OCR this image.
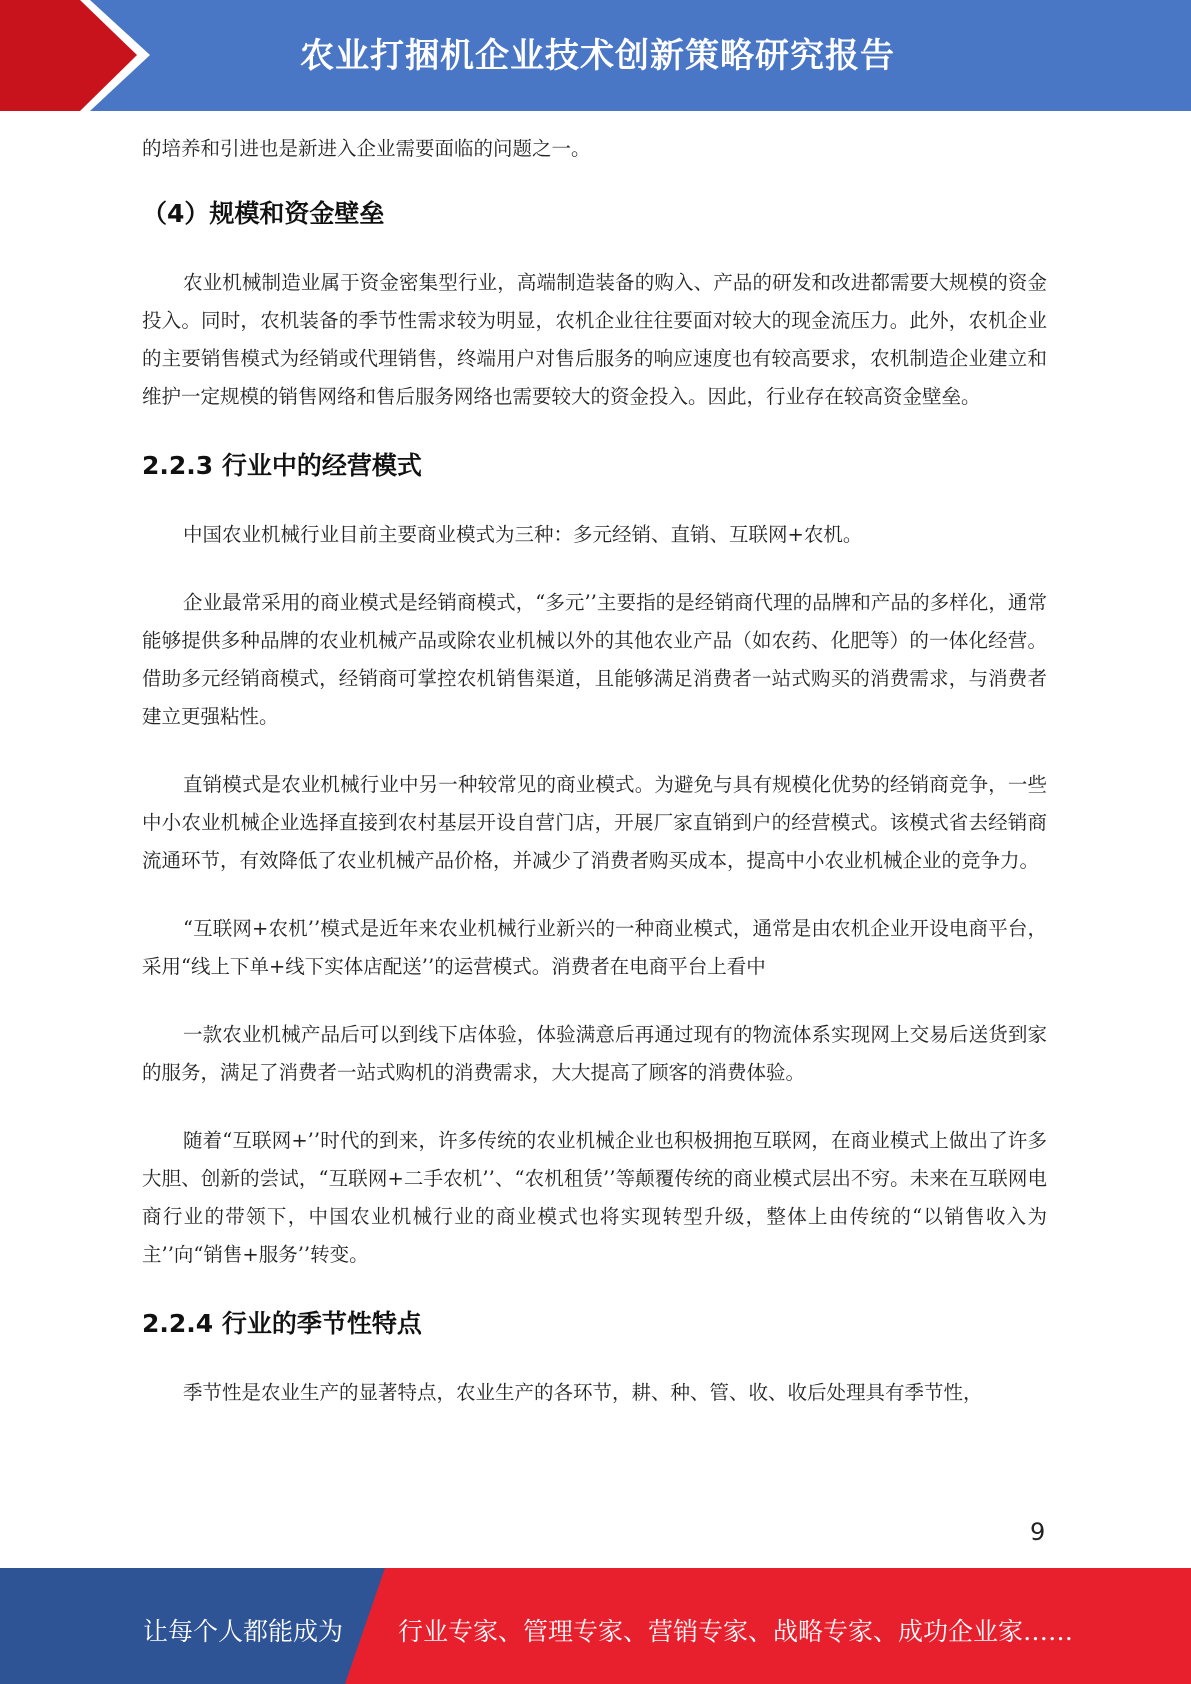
农业打捆机企业技术创新策略研究报告

的培养和引进也是新进入企业需要面临的问题之一。

（4）规模和资金壁垒

农业机械制造业属于资金密集型行业，高端制造装备的购入、产品的研发和改进都需要大规模的资金投入。同时，农机装备的季节性需求较为明显，农机企业往往要面对较大的现金流压力。此外，农机企业的主要销售模式为经销或代理销售，终端用户对售后服务的响应速度也有较高要求，农机制造企业建立和维护一定规模的销售网络和售后服务网络也需要较大的资金投入。因此，行业存在较高资金壁垒。

2.2.3 行业中的经营模式

中国农业机械行业目前主要商业模式为三种：多元经销、直销、互联网+农机。

企业最常采用的商业模式是经销商模式，“多元’’主要指的是经销商代理的品牌和产品的多样化，通常能够提供多种品牌的农业机械产品或除农业机械以外的其他农业产品（如农药、化肥等）的一体化经营。借助多元经销商模式，经销商可掌控农机销售渠道，且能够满足消费者一站式购买的消费需求，与消费者建立更强粘性。

直销模式是农业机械行业中另一种较常见的商业模式。为避免与具有规模化优势的经销商竞争，一些中小农业机械企业选择直接到农村基层开设自营门店，开展厂家直销到户的经营模式。该模式省去经销商流通环节，有效降低了农业机械产品价格，并减少了消费者购买成本，提高中小农业机械企业的竞争力。

“互联网+农机’’模式是近年来农业机械行业新兴的一种商业模式，通常是由农机企业开设电商平台，采用“线上下单+线下实体店配送’’的运营模式。消费者在电商平台上看中

一款农业机械产品后可以到线下店体验，体验满意后再通过现有的物流体系实现网上交易后送货到家的服务，满足了消费者一站式购机的消费需求，大大提高了顾客的消费体验。

随着“互联网+’’时代的到来，许多传统的农业机械企业也积极拥抱互联网，在商业模式上做出了许多大胆、创新的尝试，“互联网+二手农机’’、“农机租赁’’等颠覆传统的商业模式层出不穷。未来在互联网电商行业的带领下，中国农业机械行业的商业模式也将实现转型升级，整体上由传统的“以销售收入为主’’向“销售+服务’’转变。

2.2.4 行业的季节性特点

季节性是农业生产的显著特点，农业生产的各环节，耕、种、管、收、收后处理具有季节性，

9
让每个人都能成为 行业专家、管理专家、营销专家、战略专家、成功企业家……
